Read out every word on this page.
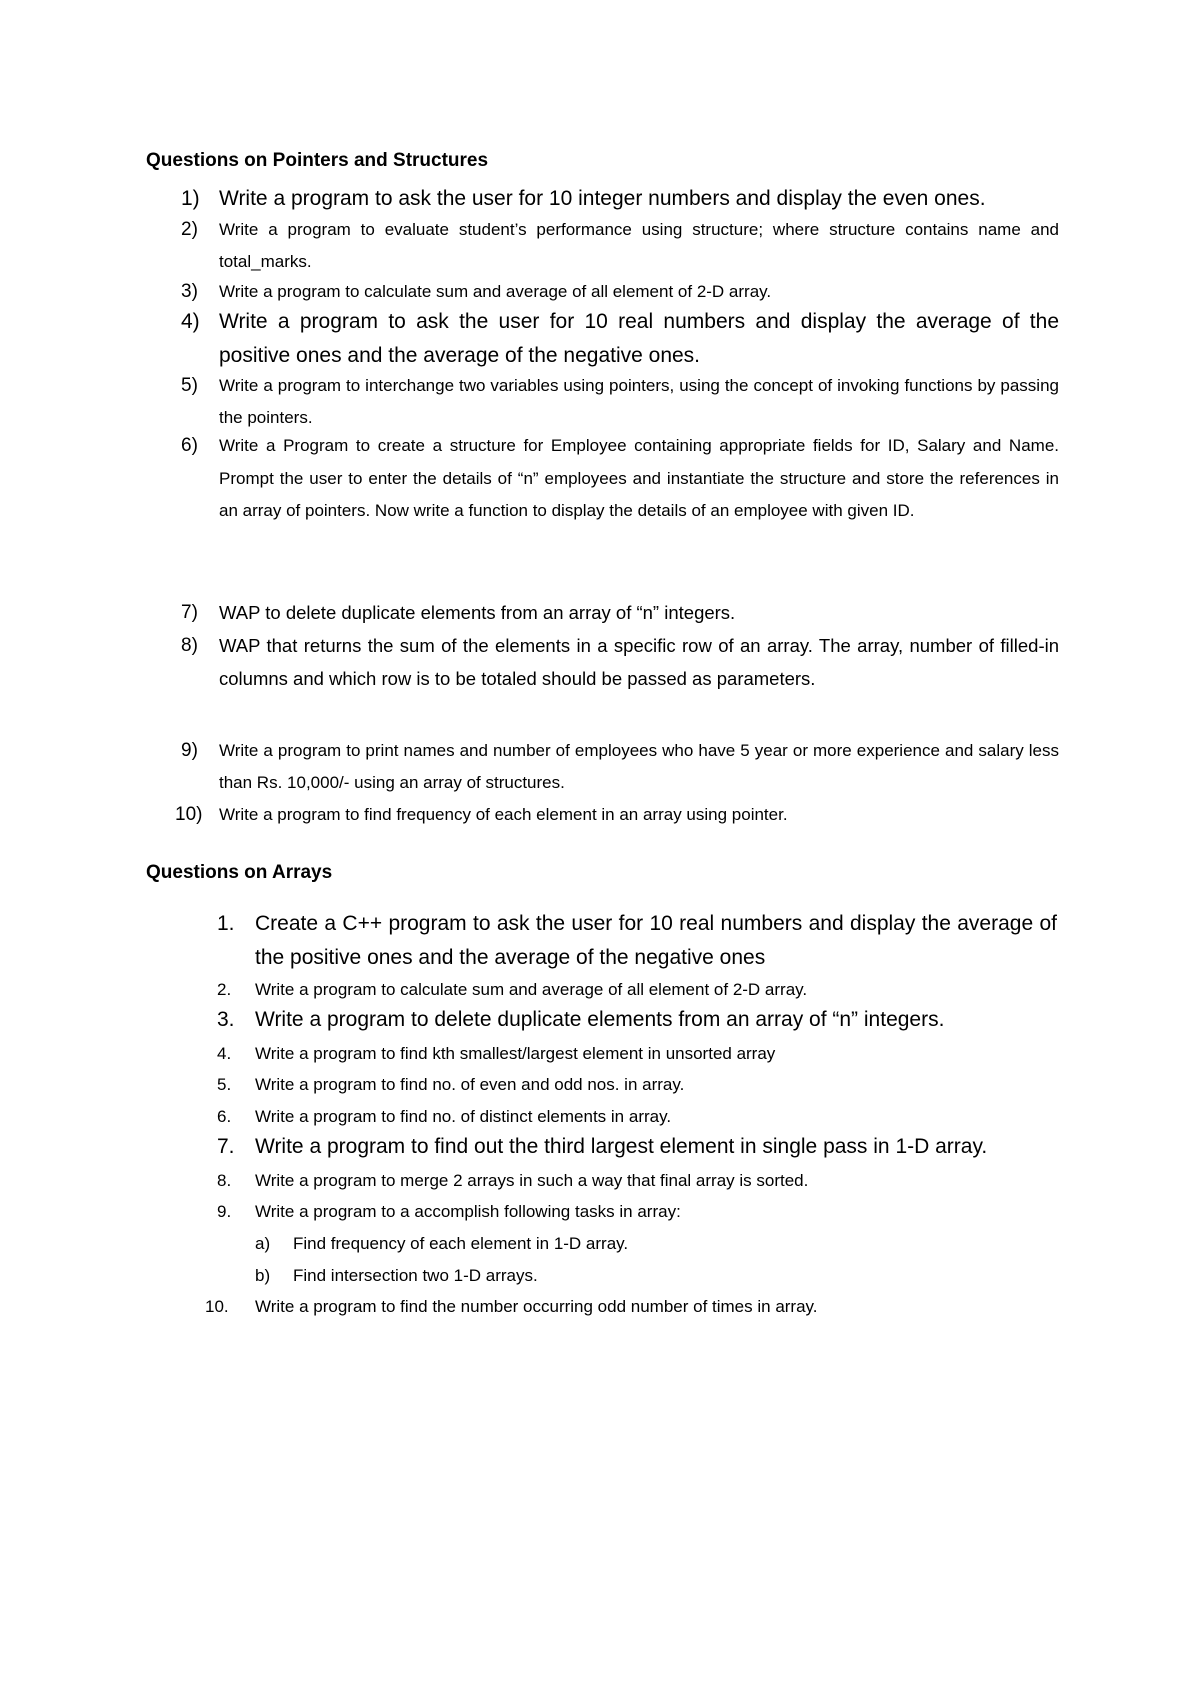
Questions on Pointers and Structures
1) Write a program to ask the user for 10 integer numbers and display the even ones.
2) Write a program to evaluate student’s performance using structure; where structure contains name and total_marks.
3) Write a program to calculate sum and average of all element of 2-D array.
4) Write a program to ask the user for 10 real numbers and display the average of the positive ones and the average of the negative ones.
5) Write a program to interchange two variables using pointers, using the concept of invoking functions by passing the pointers.
6) Write a Program to create a structure for Employee containing appropriate fields for ID, Salary and Name. Prompt the user to enter the details of “n” employees and instantiate the structure and store the references in an array of pointers. Now write a function to display the details of an employee with given ID.
7) WAP to delete duplicate elements from an array of “n” integers.
8) WAP that returns the sum of the elements in a specific row of an array. The array, number of filled-in columns and which row is to be totaled should be passed as parameters.
9) Write a program to print names and number of employees who have 5 year or more experience and salary less than Rs. 10,000/- using an array of structures.
10) Write a program to find frequency of each element in an array using pointer.
Questions on Arrays
1. Create a C++ program to ask the user for 10 real numbers and display the average of the positive ones and the average of the negative ones
2. Write a program to calculate sum and average of all element of 2-D array.
3. Write a program to delete duplicate elements from an array of “n” integers.
4. Write a program to find kth smallest/largest element in unsorted array
5. Write a program to find no. of even and odd nos. in array.
6. Write a program to find no. of distinct elements in array.
7. Write a program to find out the third largest element in single pass in 1-D array.
8. Write a program to merge 2 arrays in such a way that final array is sorted.
9. Write a program to a accomplish following tasks in array:
a) Find frequency of each element in 1-D array.
b) Find intersection two 1-D arrays.
10. Write a program to find the number occurring odd number of times in array.
